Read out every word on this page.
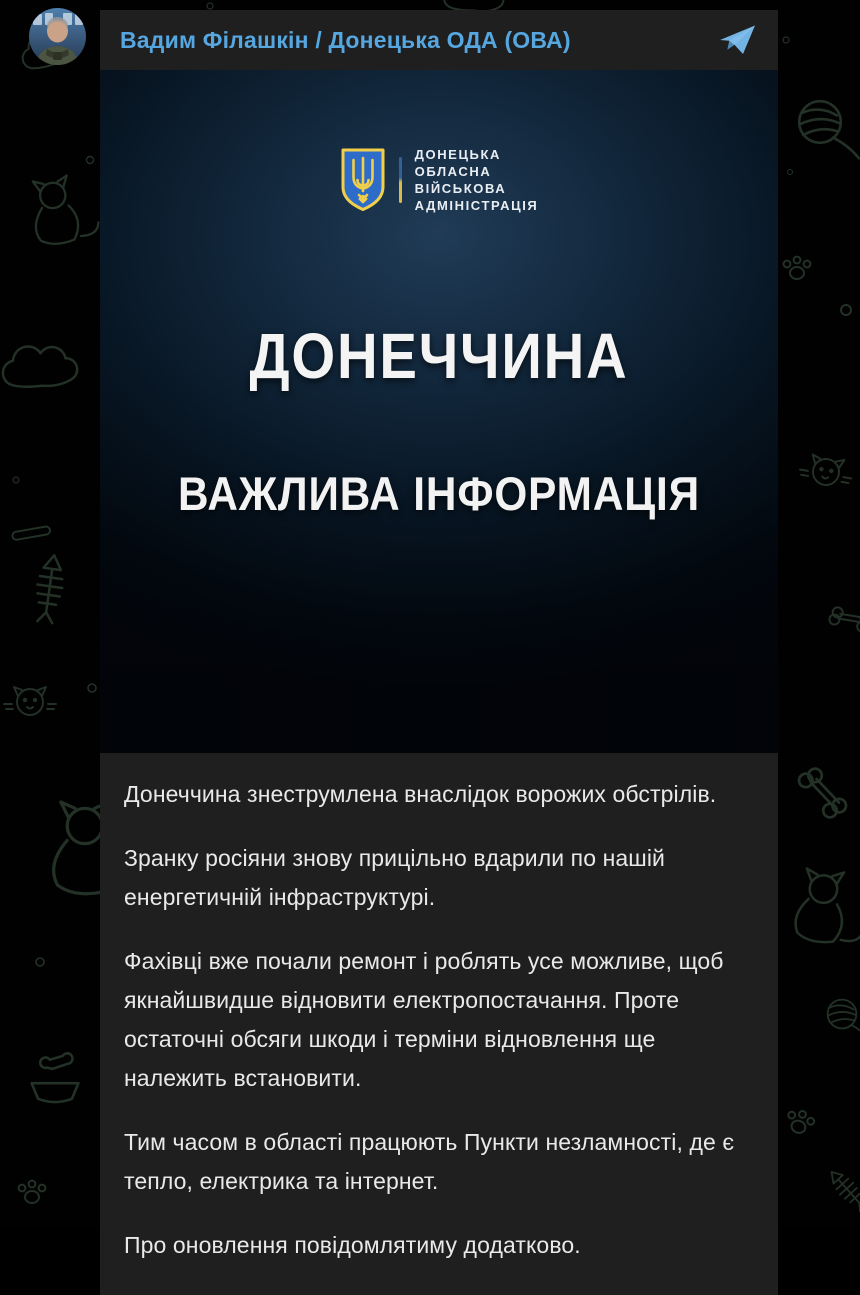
Вадим Філашкін / Донецька ОДА (ОВА)
ДОНЕЦЬКА
ОБЛАСНА
ВІЙСЬКОВА
АДМІНІСТРАЦІЯ
ДОНЕЧЧИНА
ВАЖЛИВА ІНФОРМАЦІЯ

Донеччина знеструмлена внаслідок ворожих обстрілів.

Зранку росіяни знову прицільно вдарили по нашій енергетичній інфраструктурі.

Фахівці вже почали ремонт і роблять усе можливе, щоб якнайшвидше відновити електропостачання. Проте остаточні обсяги шкоди і терміни відновлення ще належить встановити.

Тим часом в області працюють Пункти незламності, де є тепло, електрика та інтернет.

Про оновлення повідомлятиму додатково.
